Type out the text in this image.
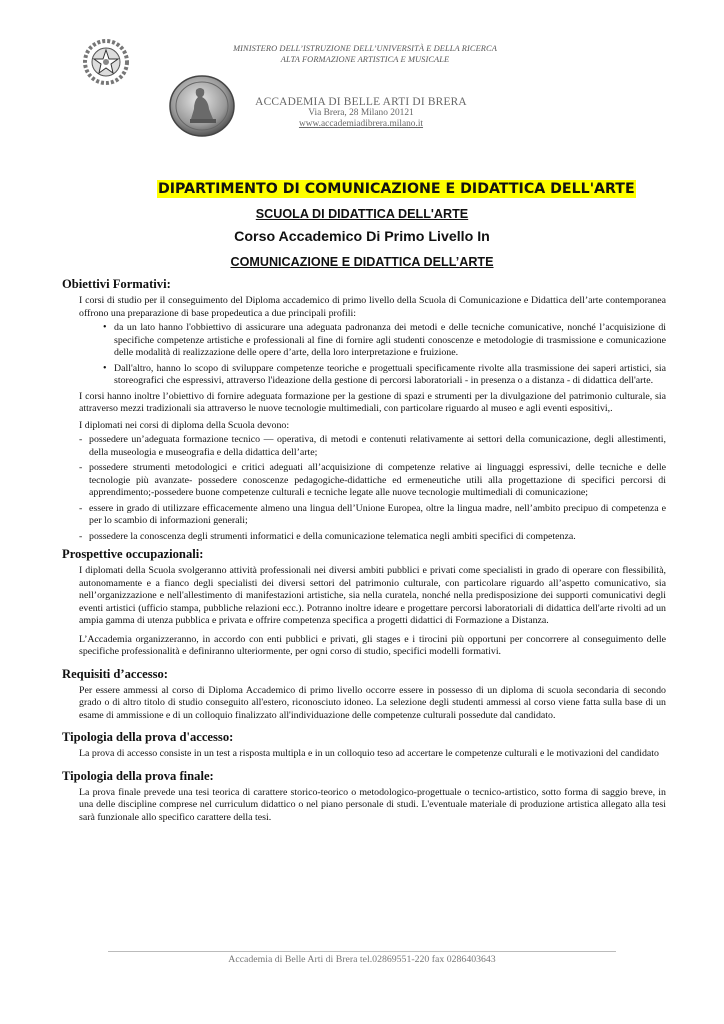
MINISTERO DELL’ISTRUZIONE DELL’UNIVERSITÀ E DELLA RICERCA
ALTA FORMAZIONE ARTISTICA E MUSICALE
ACCADEMIA DI BELLE ARTI DI BRERA
Via Brera, 28 Milano 20121
www.accademiadibrera.milano.it
DIPARTIMENTO DI COMUNICAZIONE E DIDATTICA DELL'ARTE
SCUOLA DI DIDATTICA DELL'ARTE
Corso Accademico Di Primo Livello In
COMUNICAZIONE E DIDATTICA DELL’ARTE
Obiettivi Formativi:

I corsi di studio per il conseguimento del Diploma accademico di primo livello della Scuola di Comunicazione e Didattica dell’arte contemporanea offrono una preparazione di base propedeutica a due principali profili:

• da un lato hanno l'obbiettivo di assicurare una adeguata padronanza dei metodi e delle tecniche comunicative, nonché l’acquisizione di specifiche competenze artistiche e professionali al fine di fornire agli studenti conoscenze e metodologie di trasmissione e comunicazione delle modalità di realizzazione delle opere d’arte, della loro interpretazione e fruizione.
• Dall'altro, hanno lo scopo di sviluppare competenze teoriche e progettuali specificamente rivolte alla trasmissione dei saperi artistici, sia storeografici che espressivi, attraverso l'ideazione della gestione di percorsi laboratoriali - in presenza o a distanza - di didattica dell'arte.

I corsi hanno inoltre l’obiettivo di fornire adeguata formazione per la gestione di spazi e strumenti per la divulgazione del patrimonio culturale, sia attraverso mezzi tradizionali sia attraverso le nuove tecnologie multimediali, con particolare riguardo al museo e agli eventi espositivi,.

I diplomati nei corsi di diploma della Scuola devono:

- possedere un’adeguata formazione tecnico — operativa, di metodi e contenuti relativamente ai settori della comunicazione, degli allestimenti, della museologia e museografia e della didattica dell’arte;
- possedere strumenti metodologici e critici adeguati all’acquisizione di competenze relative ai linguaggi espressivi, delle tecniche e delle tecnologie più avanzate- possedere conoscenze pedagogiche-didattiche ed ermeneutiche utili alla progettazione di specifici percorsi di apprendimento;-possedere buone competenze culturali e tecniche legate alle nuove tecnologie multimediali di comunicazione;
- essere in grado di utilizzare efficacemente almeno una lingua dell’Unione Europea, oltre la lingua madre, nell’ambito precipuo di competenza e per lo scambio di informazioni generali;
- possedere la conoscenza degli strumenti informatici e della comunicazione telematica negli ambiti specifici di competenza.
Prospettive occupazionali:

I diplomati della Scuola svolgeranno attività professionali nei diversi ambiti pubblici e privati come specialisti in grado di operare con flessibilità, autonomamente e a fianco degli specialisti dei diversi settori del patrimonio culturale, con particolare riguardo all’aspetto comunicativo, sia nell’organizzazione e nell'allestimento di manifestazioni artistiche, sia nella curatela, nonché nella predisposizione dei supporti comunicativi degli eventi artistici (ufficio stampa, pubbliche relazioni ecc.). Potranno inoltre ideare e progettare percorsi laboratoriali di didattica dell'arte rivolti ad un ampia gamma di utenza pubblica e privata e offrire competenza specifica a progetti didattici di Formazione a Distanza.

L’Accademia organizzeranno, in accordo con enti pubblici e privati, gli stages e i tirocini più opportuni per concorrere al conseguimento delle specifiche professionalità e definiranno ulteriormente, per ogni corso di studio, specifici modelli formativi.

Requisiti d’accesso:

Per essere ammessi al corso di Diploma Accademico di primo livello occorre essere in possesso di un diploma di scuola secondaria di secondo grado o di altro titolo di studio conseguito all'estero, riconosciuto idoneo. La selezione degli studenti ammessi al corso viene fatta sulla base di un esame di ammissione e di un colloquio finalizzato all'individuazione delle competenze culturali possedute dal candidato.

Tipologia della prova d'accesso:

La prova di accesso consiste in un test a risposta multipla e in un colloquio teso ad accertare le competenze culturali e le motivazioni del candidato

Tipologia della prova finale:

La prova finale prevede una tesi teorica di carattere storico-teorico o metodologico-progettuale o tecnico-artistico, sotto forma di saggio breve, in una delle discipline comprese nel curriculum didattico o nel piano personale di studi. L'eventuale materiale di produzione artistica allegato alla tesi sarà funzionale allo specifico carattere della tesi.

Accademia di Belle Arti di Brera tel.02869551-220 fax 0286403643
